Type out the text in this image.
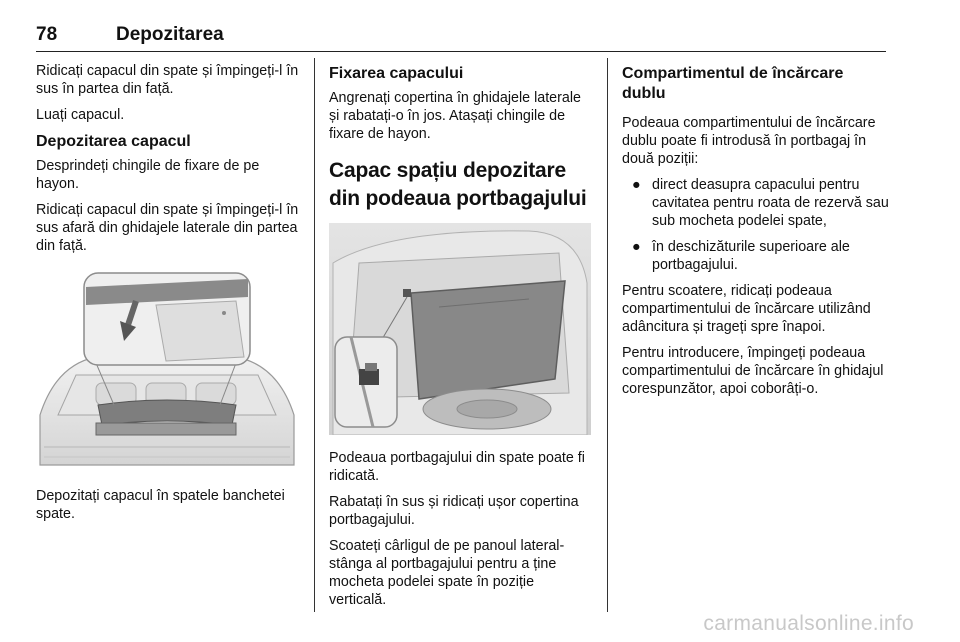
78	Depozitarea

Ridicați capacul din spate și împingeți-l în sus în partea din față.

Luați capacul.

Depozitarea capacul

Desprindeți chingile de fixare de pe hayon.

Ridicați capacul din spate și împingeți-l în sus afară din ghidajele laterale din partea din față.

Depozitați capacul în spatele banchetei spate.

Fixarea capacului

Angrenați copertina în ghidajele laterale și rabatați-o în jos. Atașați chingile de fixare de hayon.

Capac spațiu depozitare din podeaua portbagajului

Podeaua portbagajului din spate poate fi ridicată.

Rabatați în sus și ridicați ușor copertina portbagajului.

Scoateți cârligul de pe panoul lateral-stânga al portbagajului pentru a ține mocheta podelei spate în poziție verticală.

Compartimentul de încărcare dublu

Podeaua compartimentului de încărcare dublu poate fi introdusă în portbagaj în două poziții:

● direct deasupra capacului pentru cavitatea pentru roata de rezervă sau sub mocheta podelei spate,
● în deschizăturile superioare ale portbagajului.

Pentru scoatere, ridicați podeaua compartimentului de încărcare utilizând adâncitura și trageți spre înapoi.

Pentru introducere, împingeți podeaua compartimentului de încărcare în ghidajul corespunzător, apoi coborâți-o.

carmanualsonline.info
